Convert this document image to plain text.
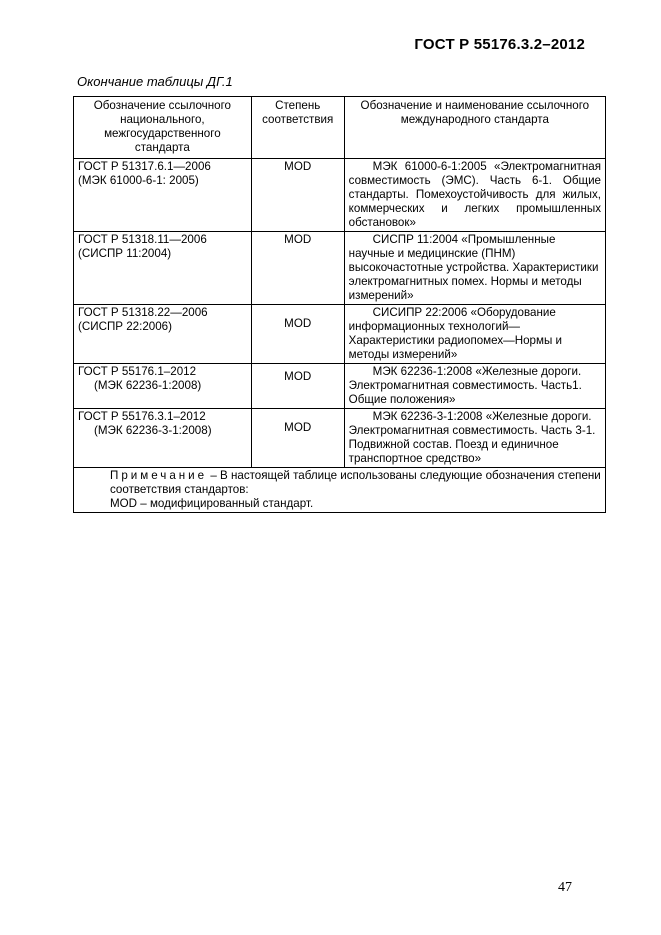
ГОСТ Р 55176.3.2–2012
Окончание таблицы ДГ.1
Обозначение ссылочного национального, межгосударственного стандарта	Степень соответствия	Обозначение и наименование ссылочного международного стандарта
ГОСТ Р 51317.6.1—2006
(МЭК 61000-6-1: 2005)	MOD	МЭК 61000-6-1:2005 «Электромагнитная совместимость (ЭМС). Часть 6-1. Общие стандарты. Помехоустойчивость для жилых, коммерческих и легких промышленных обстановок»
ГОСТ Р 51318.11—2006
(СИСПР 11:2004)	MOD	СИСПР 11:2004 «Промышленные научные и медицинские (ПНМ) высокочастотные устройства. Характеристики электромагнитных помех. Нормы и методы измерений»
ГОСТ Р 51318.22—2006
(СИСПР 22:2006)	MOD	СИСИПР 22:2006 «Оборудование информационных технологий—Характеристики радиопомех—Нормы и методы измерений»
ГОСТ Р 55176.1–2012
(МЭК 62236-1:2008)	MOD	МЭК 62236-1:2008 «Железные дороги. Электромагнитная совместимость. Часть1. Общие положения»
ГОСТ Р 55176.3.1–2012
(МЭК 62236-3-1:2008)	MOD	МЭК 62236-3-1:2008 «Железные дороги. Электромагнитная совместимость. Часть 3-1. Подвижной состав. Поезд и единичное транспортное средство»

Примечание – В настоящей таблице использованы следующие обозначения степени соответствия стандартов:
MOD – модифицированный стандарт.		
47
